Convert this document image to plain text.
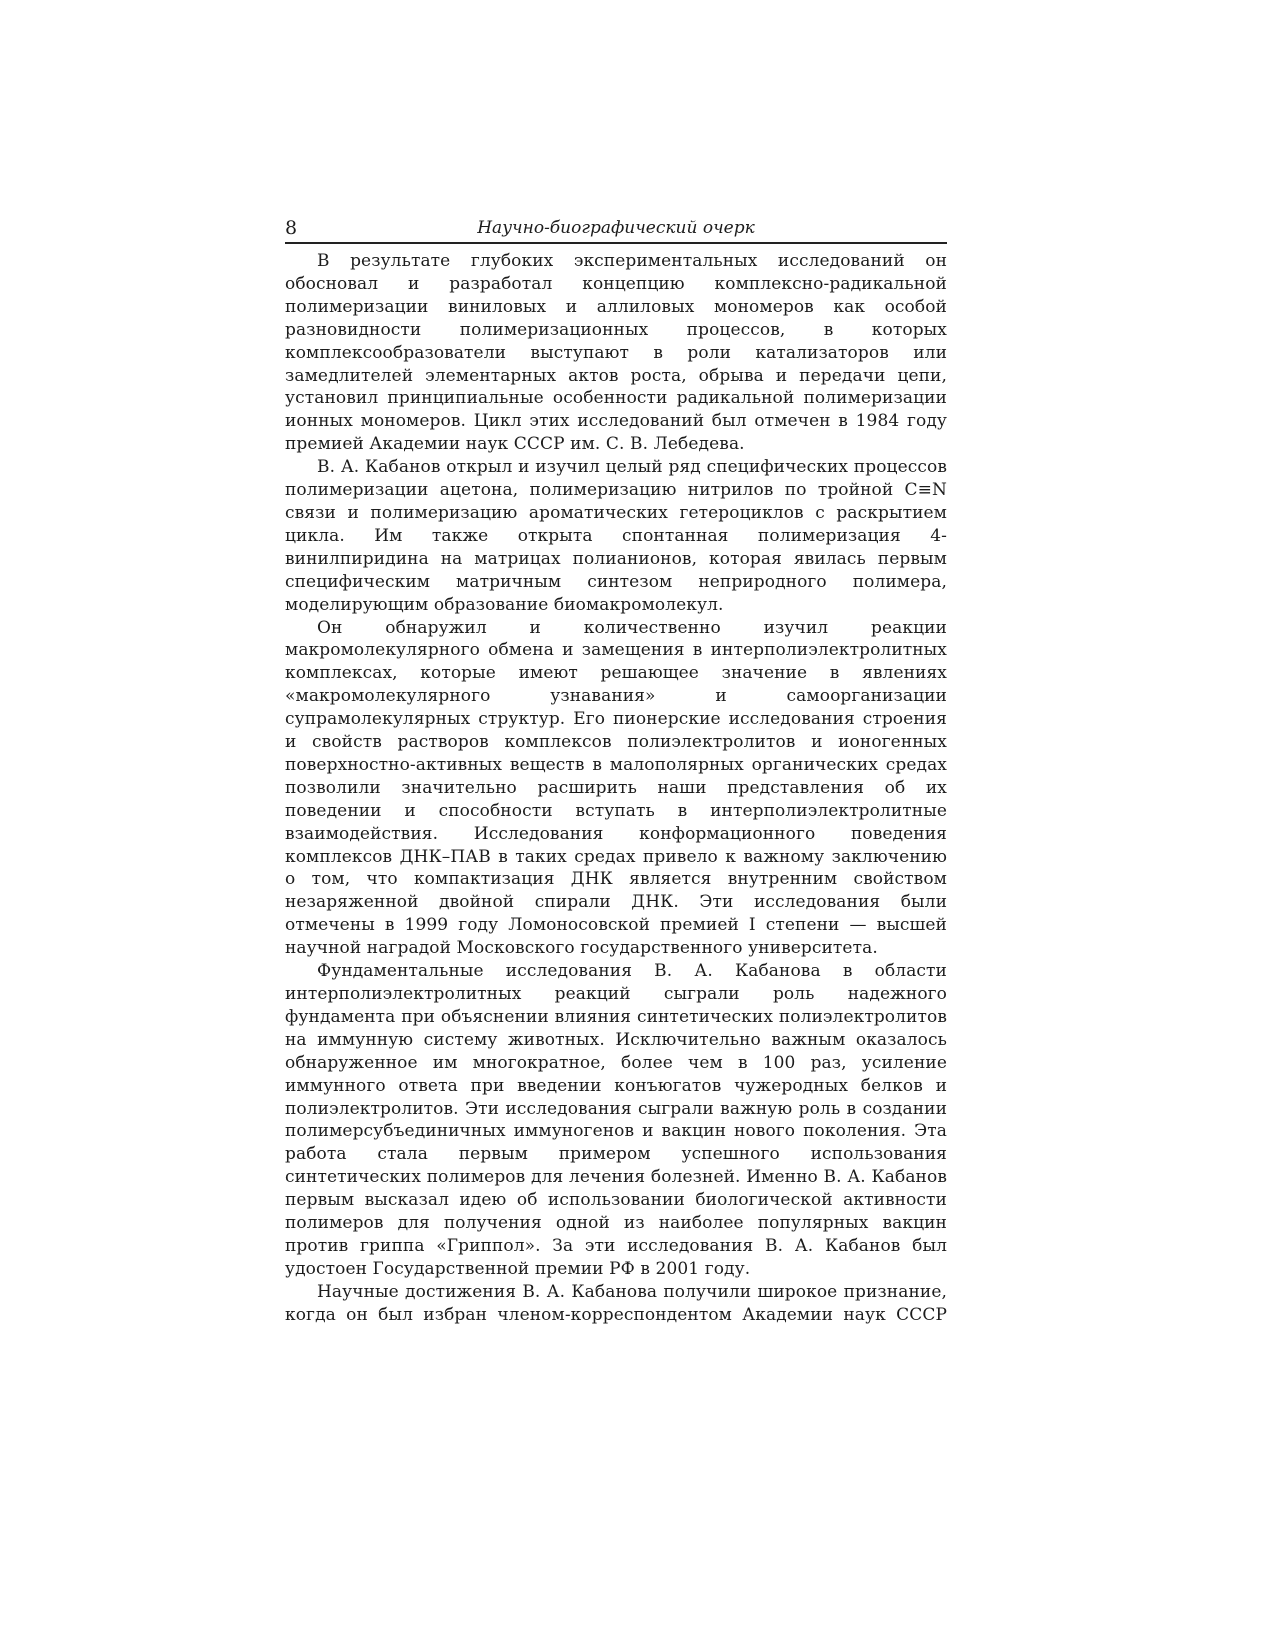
8	Научно-биографический очерк

В результате глубоких экспериментальных исследований он обосновал и разработал концепцию комплексно-радикальной полимеризации виниловых и аллиловых мономеров как особой разновидности полимеризационных процессов, в которых комплексообразователи выступают в роли катализаторов или замедлителей элементарных актов роста, обрыва и передачи цепи, установил принципиальные особенности радикальной полимеризации ионных мономеров. Цикл этих исследований был отмечен в 1984 году премией Академии наук СССР им. С. В. Лебедева.

В. А. Кабанов открыл и изучил целый ряд специфических процессов полимеризации ацетона, полимеризацию нитрилов по тройной C≡N связи и полимеризацию ароматических гетероциклов с раскрытием цикла. Им также открыта спонтанная полимеризация 4-винилпиридина на матрицах полианионов, которая явилась первым специфическим матричным синтезом неприродного полимера, моделирующим образование биомакромолекул.

Он обнаружил и количественно изучил реакции макромолекулярного обмена и замещения в интерполиэлектролитных комплексах, которые имеют решающее значение в явлениях «макромолекулярного узнавания» и самоорганизации супрамолекулярных структур. Его пионерские исследования строения и свойств растворов комплексов полиэлектролитов и ионогенных поверхностно-активных веществ в малополярных органических средах позволили значительно расширить наши представления об их поведении и способности вступать в интерполиэлектролитные взаимодействия. Исследования конформационного поведения комплексов ДНК–ПАВ в таких средах привело к важному заключению о том, что компактизация ДНК является внутренним свойством незаряженной двойной спирали ДНК. Эти исследования были отмечены в 1999 году Ломоносовской премией I степени — высшей научной наградой Московского государственного университета.

Фундаментальные исследования В. А. Кабанова в области интерполиэлектролитных реакций сыграли роль надежного фундамента при объяснении влияния синтетических полиэлектролитов на иммунную систему животных. Исключительно важным оказалось обнаруженное им многократное, более чем в 100 раз, усиление иммунного ответа при введении конъюгатов чужеродных белков и полиэлектролитов. Эти исследования сыграли важную роль в создании полимерсубъединичных иммуногенов и вакцин нового поколения. Эта работа стала первым примером успешного использования синтетических полимеров для лечения болезней. Именно В. А. Кабанов первым высказал идею об использовании биологической активности полимеров для получения одной из наиболее популярных вакцин против гриппа «Гриппол». За эти исследования В. А. Кабанов был удостоен Государственной премии РФ в 2001 году.

Научные достижения В. А. Кабанова получили широкое признание,
когда он был избран членом-корреспондентом Академии наук СССР
